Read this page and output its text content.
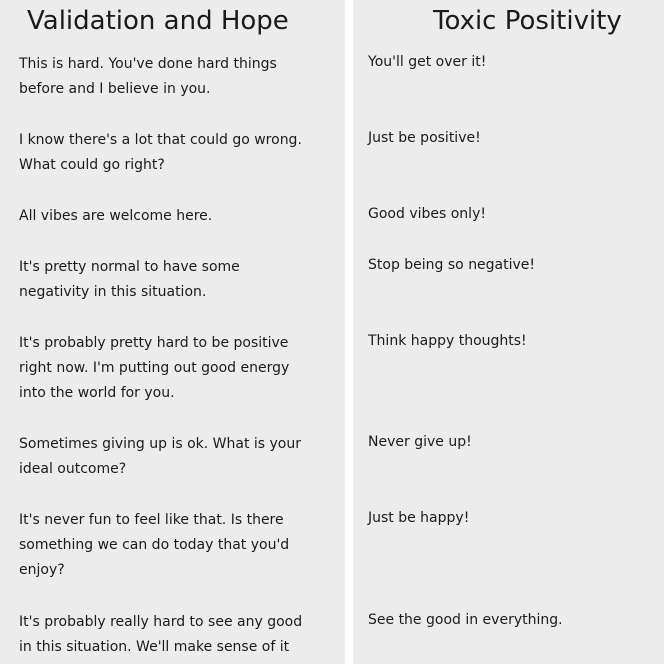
Validation and Hope

This is hard. You've done hard things
before and I believe in you.

I know there's a lot that could go wrong.
What could go right?

All vibes are welcome here.

It's pretty normal to have some
negativity in this situation.

It's probably pretty hard to be positive
right now. I'm putting out good energy
into the world for you.

Sometimes giving up is ok. What is your
ideal outcome?

It's never fun to feel like that. Is there
something we can do today that you'd
enjoy?

It's probably really hard to see any good
in this situation. We'll make sense of it

Toxic Positivity

You'll get over it!

Just be positive!

Good vibes only!

Stop being so negative!

Think happy thoughts!

Never give up!

Just be happy!

See the good in everything.
